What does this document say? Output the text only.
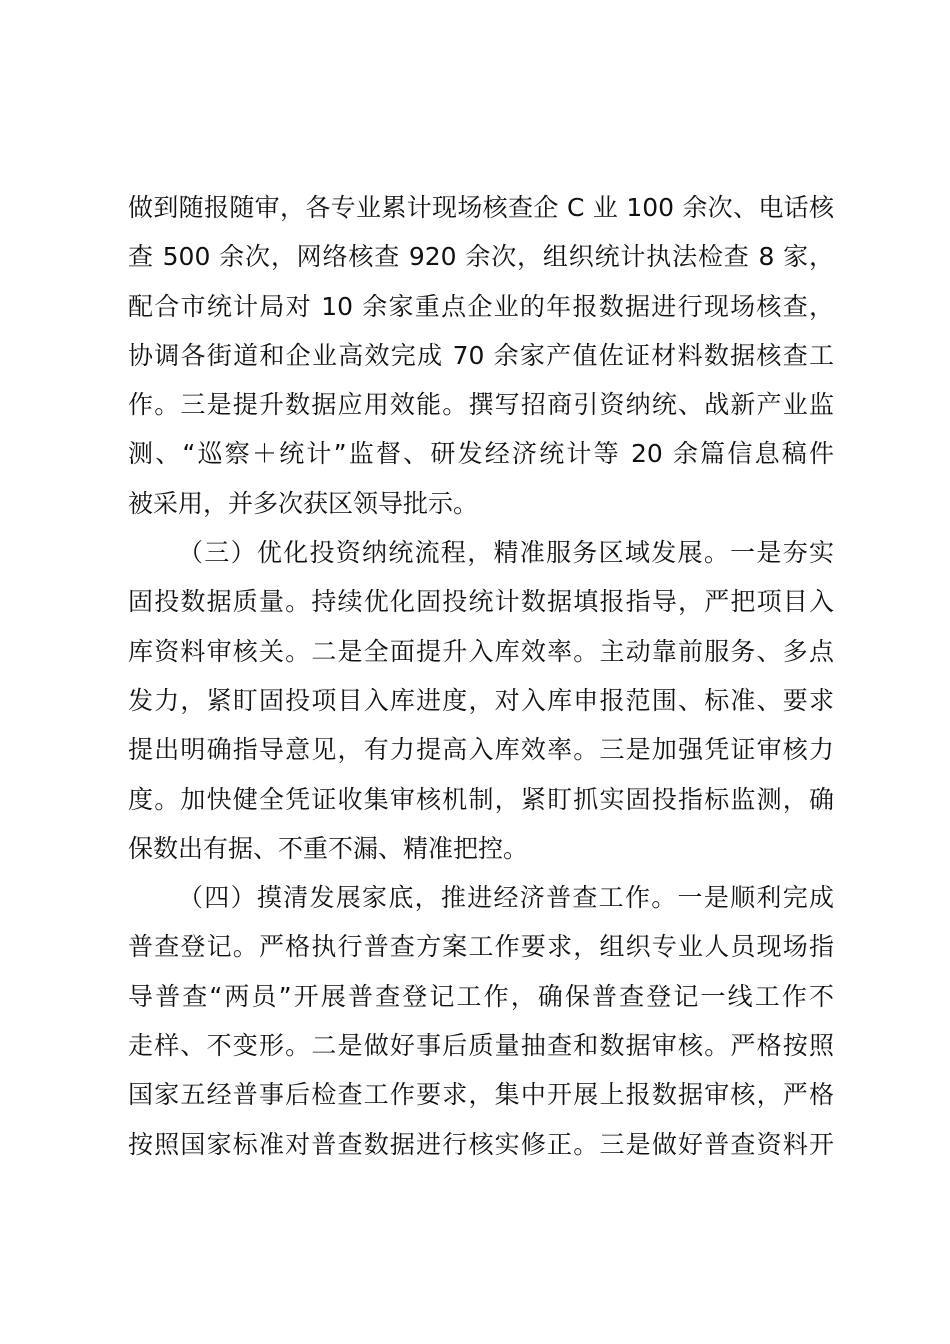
做到随报随审，各专业累计现场核查企 C 业 100 余次、电话核
查 500 余次，网络核查 920 余次，组织统计执法检查 8 家，
配合市统计局对 10 余家重点企业的年报数据进行现场核查，
协调各街道和企业高效完成 70 余家产值佐证材料数据核查工
作。三是提升数据应用效能。撰写招商引资纳统、战新产业监
测、“巡察＋统计”监督、研发经济统计等 20 余篇信息稿件
被采用，并多次获区领导批示。
（三）优化投资纳统流程，精准服务区域发展。一是夯实
固投数据质量。持续优化固投统计数据填报指导，严把项目入
库资料审核关。二是全面提升入库效率。主动靠前服务、多点
发力，紧盯固投项目入库进度，对入库申报范围、标准、要求
提出明确指导意见，有力提高入库效率。三是加强凭证审核力
度。加快健全凭证收集审核机制，紧盯抓实固投指标监测，确
保数出有据、不重不漏、精准把控。
（四）摸清发展家底，推进经济普查工作。一是顺利完成
普查登记。严格执行普查方案工作要求，组织专业人员现场指
导普查“两员”开展普查登记工作，确保普查登记一线工作不
走样、不变形。二是做好事后质量抽查和数据审核。严格按照
国家五经普事后检查工作要求，集中开展上报数据审核，严格
按照国家标准对普查数据进行核实修正。三是做好普查资料开
